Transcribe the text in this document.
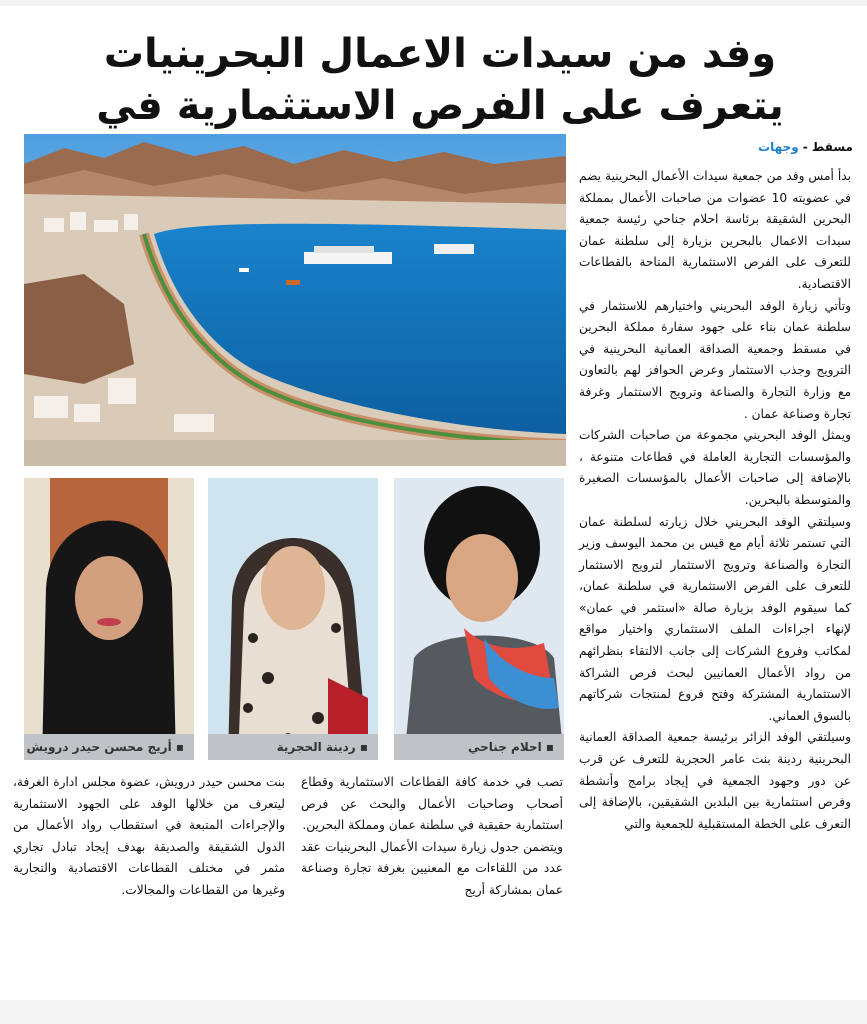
وفد من سيدات الاعمال البحرينيات
يتعرف على الفرص الاستثمارية في
مسقط -
وجهات
▪ احلام جناحي
▪ ردينة الحجرية
▪ أريج محسن حيدر درويش

بدأ أمس وفد من جمعية سيدات الأعمال البحرينية يضم في عضويته 10 عضوات من صاحبات الأعمال بمملكة البحرين الشقيقة برئاسة احلام جناحي رئيسة جمعية سيدات الاعمال بالبحرين بزيارة إلى سلطنة عمان للتعرف على الفرص الاستثمارية المتاحة بالقطاعات الاقتصادية.

وتأتي زيارة الوفد البحريني واختيارهم للاستثمار في سلطنة عمان بناء على جهود سفارة مملكة البحرين في مسقط وجمعية الصداقة العمانية البحرينية في الترويج وجذب الاستثمار وعرض الحوافز لهم بالتعاون مع وزارة التجارة والصناعة وترويج الاستثمار وغرفة تجارة وصناعة عمان .

ويمثل الوفد البحريني مجموعة من صاحبات الشركات والمؤسسات التجارية العاملة في قطاعات متنوعة ، بالإضافة إلى صاحبات الأعمال بالمؤسسات الصغيرة والمتوسطة بالبحرين.

وسيلتقي الوفد البحريني خلال زيارته لسلطنة عمان التي تستمر ثلاثة أيام مع قيس بن محمد اليوسف وزير التجارة والصناعة وترويج الاستثمار لترويج الاستثمار للتعرف على الفرص الاستثمارية في سلطنة عمان، كما سيقوم الوفد بزيارة صالة «استثمر في عمان» لإنهاء اجراءات الملف الاستثماري واختيار مواقع لمكاتب وفروع الشركات إلى جانب الالتقاء بنظرائهم من رواد الأعمال العمانيين لبحث فرص الشراكة الاستثمارية المشتركة وفتح فروع لمنتجات شركاتهم بالسوق العماني.

وسيلتقي الوفد الزائر برئيسة جمعية الصداقة العمانية البحرينية ردينة بنت عامر الحجرية للتعرف عن قرب عن دور وجهود الجمعية في إيجاد برامج وأنشطة وفرص استثمارية بين البلدين الشقيقين، بالإضافة إلى التعرف على الخطة المستقبلية للجمعية والتي

تصب في خدمة كافة القطاعات الاستثمارية وقطاع أصحاب وصاحبات الأعمال والبحث عن فرص استثمارية حقيقية في سلطنة عمان ومملكة البحرين.

ويتضمن جدول زيارة سيدات الأعمال البحرينيات عقد عدد من اللقاءات مع المعنيين بغرفة تجارة وصناعة عمان بمشاركة أريج

بنت محسن حيدر درويش، عضوة مجلس ادارة الغرفة، ليتعرف من خلالها الوفد على الجهود الاستثمارية والإجراءات المتبعة في استقطاب رواد الأعمال من الدول الشقيقة والصديقة بهدف إيجاد تبادل تجاري مثمر في مختلف القطاعات الاقتصادية والتجارية وغيرها من القطاعات والمجالات.
